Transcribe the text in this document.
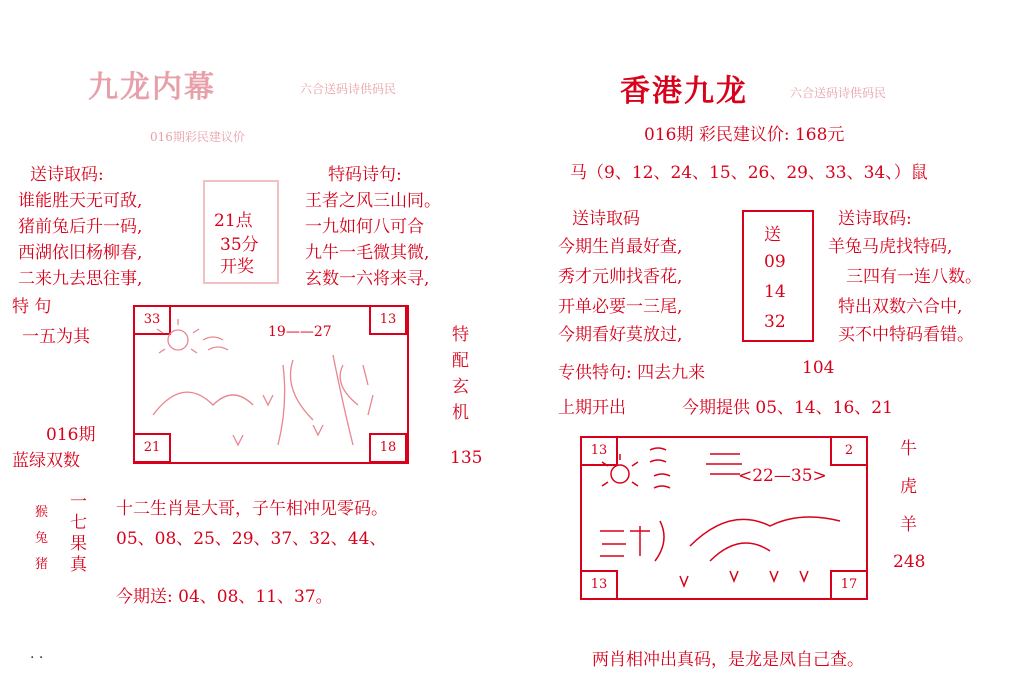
九龙内幕	六合送码诗供码民
016期彩民建议价
送诗取码:
谁能胜天无可敌,
猪前兔后升一码,
西湖依旧杨柳春,
二来九去思往事,
21点
35分
开奖
特码诗句:
王者之风三山同。
一九如何八可合
九牛一毛微其微,
玄数一六将来寻,
特 句
一五为其
016期
蓝绿双数
33	13
21	18
19——27	特
配
玄
机
135
猴
兔
猪
一
七
果
真
十二生肖是大哥，子午相冲见零码。
05、08、25、29、37、32、44、
今期送: 04、08、11、37。
. .
香港九龙	六合送码诗供码民
016期 彩民建议价: 168元
马（9、12、24、15、26、29、33、34、）鼠
送诗取码
今期生肖最好查,
秀才元帅找香花,
开单必要一三尾,
今期看好莫放过,
送
09
14
32
送诗取码:
羊兔马虎找特码,
三四有一连八数。
特出双数六合中,
买不中特码看错。
专供特句: 四去九来	104
上期开出	今期提供 05、14、16、21
13	2
13	17
<22—35>
牛
虎
羊
248
两肖相冲出真码，是龙是凤自己查。
